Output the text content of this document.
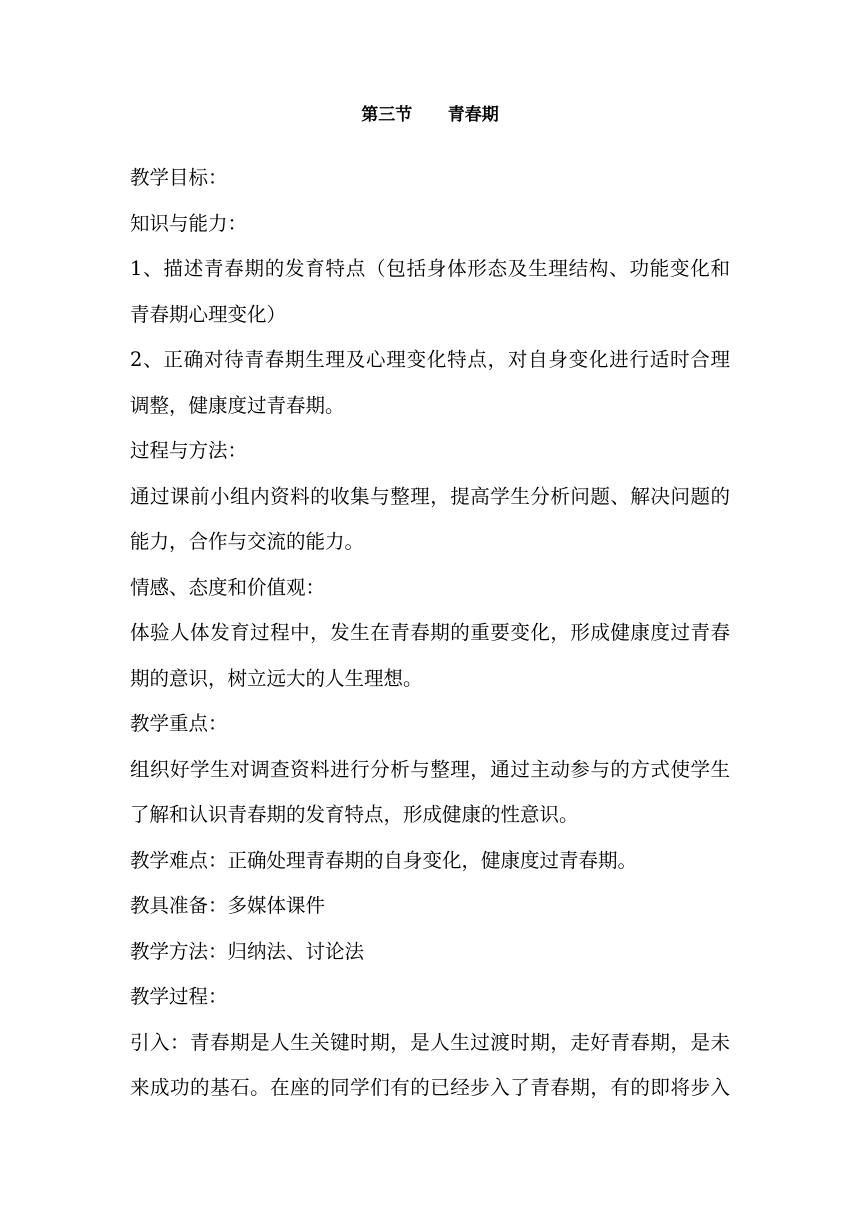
第三节      青春期
教学目标：
知识与能力：
1、描述青春期的发育特点（包括身体形态及生理结构、功能变化和
青春期心理变化）
2、正确对待青春期生理及心理变化特点，对自身变化进行适时合理
调整，健康度过青春期。
过程与方法：
通过课前小组内资料的收集与整理，提高学生分析问题、解决问题的
能力，合作与交流的能力。
情感、态度和价值观：
体验人体发育过程中，发生在青春期的重要变化，形成健康度过青春
期的意识，树立远大的人生理想。
教学重点：
组织好学生对调查资料进行分析与整理，通过主动参与的方式使学生
了解和认识青春期的发育特点，形成健康的性意识。
教学难点：正确处理青春期的自身变化，健康度过青春期。
教具准备：多媒体课件
教学方法：归纳法、讨论法
教学过程：
引入：青春期是人生关键时期，是人生过渡时期，走好青春期，是未
来成功的基石。在座的同学们有的已经步入了青春期，有的即将步入
